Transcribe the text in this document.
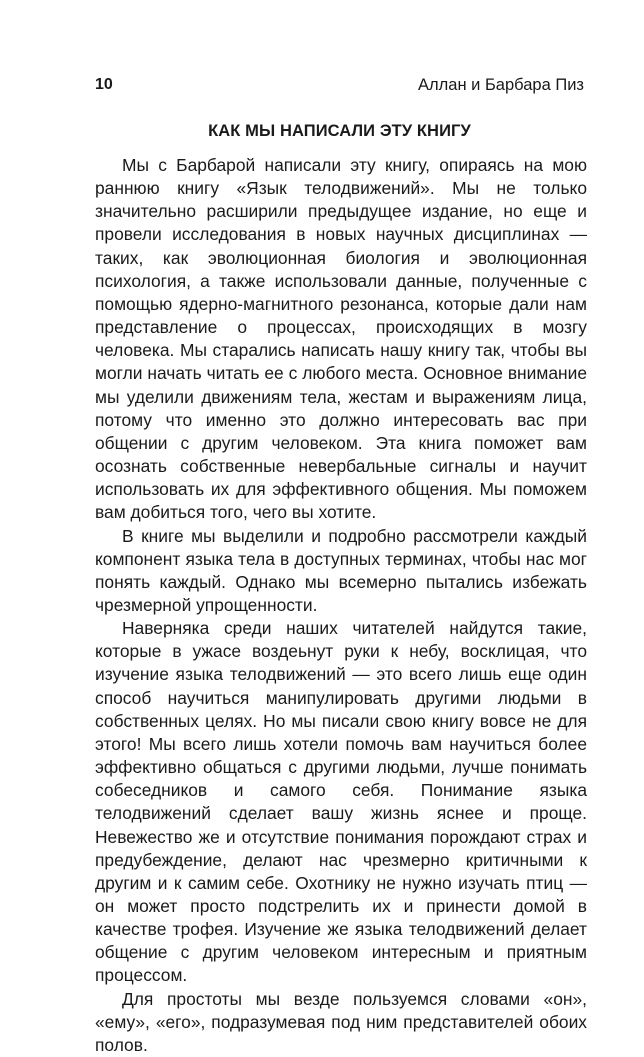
10	Аллан и Барбара Пиз
КАК МЫ НАПИСАЛИ ЭТУ КНИГУ

Мы с Барбарой написали эту книгу, опираясь на мою раннюю книгу «Язык телодвижений». Мы не только значительно расширили предыдущее издание, но еще и провели исследования в новых научных дисциплинах — таких, как эволюционная биология и эволюционная психология, а также использовали данные, полученные с помощью ядерно-магнитного резонанса, которые дали нам представление о процессах, происходящих в мозгу человека. Мы старались написать нашу книгу так, чтобы вы могли начать читать ее с любого места. Основное внимание мы уделили движениям тела, жестам и выражениям лица, потому что именно это должно интересовать вас при общении с другим человеком. Эта книга поможет вам осознать собственные невербальные сигналы и научит использовать их для эффективного общения. Мы поможем вам добиться того, чего вы хотите.

В книге мы выделили и подробно рассмотрели каждый компонент языка тела в доступных терминах, чтобы нас мог понять каждый. Однако мы всемерно пытались избежать чрезмерной упрощенности.

Наверняка среди наших читателей найдутся такие, которые в ужасе воздеьнут руки к небу, восклицая, что изучение языка телодвижений — это всего лишь еще один способ научиться манипулировать другими людьми в собственных целях. Но мы писали свою книгу вовсе не для этого! Мы всего лишь хотели помочь вам научиться более эффективно общаться с другими людьми, лучше понимать собеседников и самого себя. Понимание языка телодвижений сделает вашу жизнь яснее и проще. Невежество же и отсутствие понимания порождают страх и предубеждение, делают нас чрезмерно критичными к другим и к самим себе. Охотнику не нужно изучать птиц — он может просто подстрелить их и принести домой в качестве трофея. Изучение же языка телодвижений делает общение с другим человеком интересным и приятным процессом.

Для простоты мы везде пользуемся словами «он», «ему», «его», подразумевая под ним представителей обоих полов.
